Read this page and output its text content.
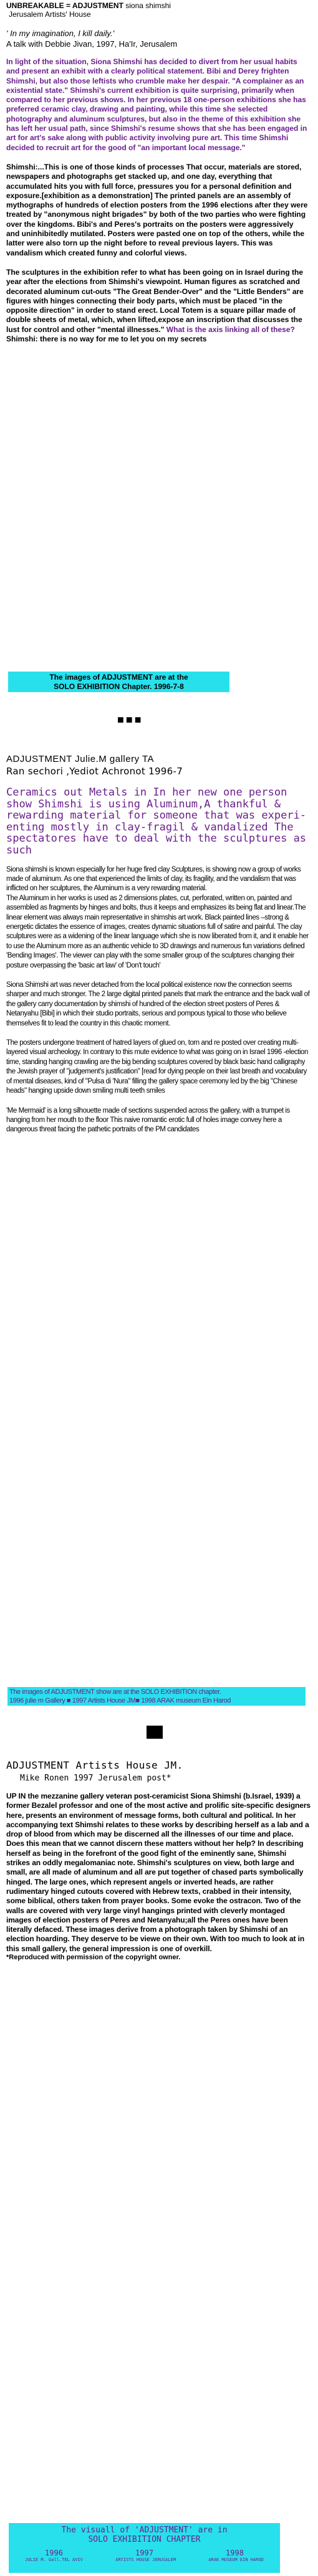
UNBREAKABLE = ADJUSTMENT siona shimshi
Jerusalem Artists' House
' In my imagination, I kill daily.'
A talk with Debbie Jivan, 1997, Ha'Ir, Jerusalem
In light of the situation, Siona Shimshi has decided to divert from her usual habits and present an exhibit with a clearly political statement. Bibi and Derey frighten Shimshi, but also those leftists who crumble make her despair. "A complainer as an existential state." Shimshi's current exhibition is quite surprising, primarily when compared to her previous shows. In her previous 18 one-person exhibitions she has preferred ceramic clay, drawing and painting, while this time she selected photography and aluminum sculptures, but also in the theme of this exhibition she has left her usual path, since Shimshi's resume shows that she has been engaged in art for art's sake along with public activity involving pure art. This time Shimshi decided to recruit art for the good of "an important local message."
Shimshi:...This is one of those kinds of processes That occur, materials are stored, newspapers and photographs get stacked up, and one day, everything that accumulated hits you with full force, pressures you for a personal definition and exposure.[exhibition as a demonstration] The printed panels are an assembly of mythographs of hundreds of election posters from the 1996 elections after they were treated by "anonymous night brigades" by both of the two parties who were fighting over the kingdoms. Bibi's and Peres's portraits on the posters were aggressively and uninhibitedly mutilated. Posters were pasted one on top of the others, while the latter were also torn up the night before to reveal previous layers. This was vandalism which created funny and colorful views.
The sculptures in the exhibition refer to what has been going on in Israel during the year after the elections from Shimshi's viewpoint. Human figures as scratched and decorated aluminum cut-outs "The Great Bender-Over" and the "Little Benders" are figures with hinges connecting their body parts, which must be placed "in the opposite direction" in order to stand erect. Local Totem is a square pillar made of double sheets of metal, which, when lifted,expose an inscription that discusses the lust for control and other "mental illnesses." What is the axis linking all of these? Shimshi: there is no way for me to let you on my secrets
The images of ADJUSTMENT are at the
SOLO EXHIBITION Chapter. 1996-7-8
■■■
ADJUSTMENT Julie.M gallery TA
Ran sechori ,Yediot Achronot 1996-7
Ceramics out Metals in In her new one person show Shimshi is using Aluminum,A thankful & rewarding material for someone that was experi-enting mostly in clay-fragil & vandalized The spectatores have to deal with the sculptures as such

Siona shimshi is known especially for her huge fired clay Sculptures, is showing now a group of works made of aluminum. As one that experienced the limits of clay, its fragility, and the vandalism that was inflicted on her sculptures, the Aluminum is a very rewarding material.

The Aluminum in her works is used as 2 dimensions plates, cut, perforated, written on, painted and assembled as fragments by hinges and bolts, thus it keeps and emphasizes its being flat and linear.The linear element was always main representative in shimshis art work. Black painted lines –strong & energetic dictates the essence of images, creates dynamic situations full of satire and painful. The clay sculptures were as a widening of the linear language which she is now liberated from it, and it enable her to use the Aluminum more as an authentic vehicle to 3D drawings and numerous fun variations defined 'Bending Images'. The viewer can play with the some smaller group of the sculptures changing their posture overpassing the 'basic art law' of 'Don't touch'

Siona Shimshi art was never detached from the local political existence now the connection seems sharper and much stronger. The 2 large digital printed panels that mark the entrance and the back wall of the gallery carry documentation by shimshi of hundred of the election street posters of Peres & Netanyahu [Bibi] in which their studio portraits, serious and pompous typical to those who believe themselves fit to lead the country in this chaotic moment.

The posters undergone treatment of hatred layers of glued on, torn and re posted over creating multi-layered visual archeology. In contrary to this mute evidence to what was going on in Israel 1996 -election time, standing hanging crawling are the big bending sculptures covered by black basic hand calligraphy the Jewish prayer of "judgement's justification" [read for dying people on their last breath and vocabulary of mental diseases, kind of "Pulsa di 'Nura" filling the gallery space ceremony led by the big "Chinese heads" hanging upside down smiling multi teeth smiles

'Me Mermaid' is a long silhouette made of sections suspended across the gallery, with a trumpet is hanging from her mouth to the floor This naive romantic erotic full of holes image convey here a dangerous threat facing the pathetic portraits of the PM candidates

The images of ADJUSTMENT show are at the SOLO EXHIBITION chapter.
1996 julie m Gallery ■ 1997 Artists House JM■ 1998 ARAK museum Ein Harod
ADJUSTMENT Artists House JM.
Mike Ronen 1997 Jerusalem post*
UP IN the mezzanine gallery veteran post-ceramicist Siona Shimshi (b.Israel, 1939) a former Bezalel professor and one of the most active and prolific site-specific designers here, presents an environment of message forms, both cultural and political. In her accompanying text Shimshi relates to these works by describing herself as a lab and a drop of blood from which may be discerned all the illnesses of our time and place. Does this mean that we cannot discern these matters without her help? In describing herself as being in the forefront of the good fight of the eminently sane, Shimshi strikes an oddly megalomaniac note. Shimshi's sculptures on view, both large and small, are all made of aluminum and all are put together of chased parts symbolically hinged. The large ones, which represent angels or inverted heads, are rather rudimentary hinged cutouts covered with Hebrew texts, crabbed in their intensity, some biblical, others taken from prayer books. Some evoke the ostracon. Two of the walls are covered with very large vinyl hangings printed with cleverly montaged images of election posters of Peres and Netanyahu;all the Peres ones have been literally defaced. These images derive from a photograph taken by Shimshi of an election hoarding. They deserve to be viewe on their own. With too much to look at in this small gallery, the general impression is one of overkill.
*Reproduced with permission of the copyright owner.
The visuall of 'ADJUSTMENT' are in
SOLO EXHIBITION CHAPTER
1996	1997	1998
JULIE M. Gall.TEL AVIV	ARTISTS HOUSE JERUSALEM	ARAK MUSEUM EIN HAROD
